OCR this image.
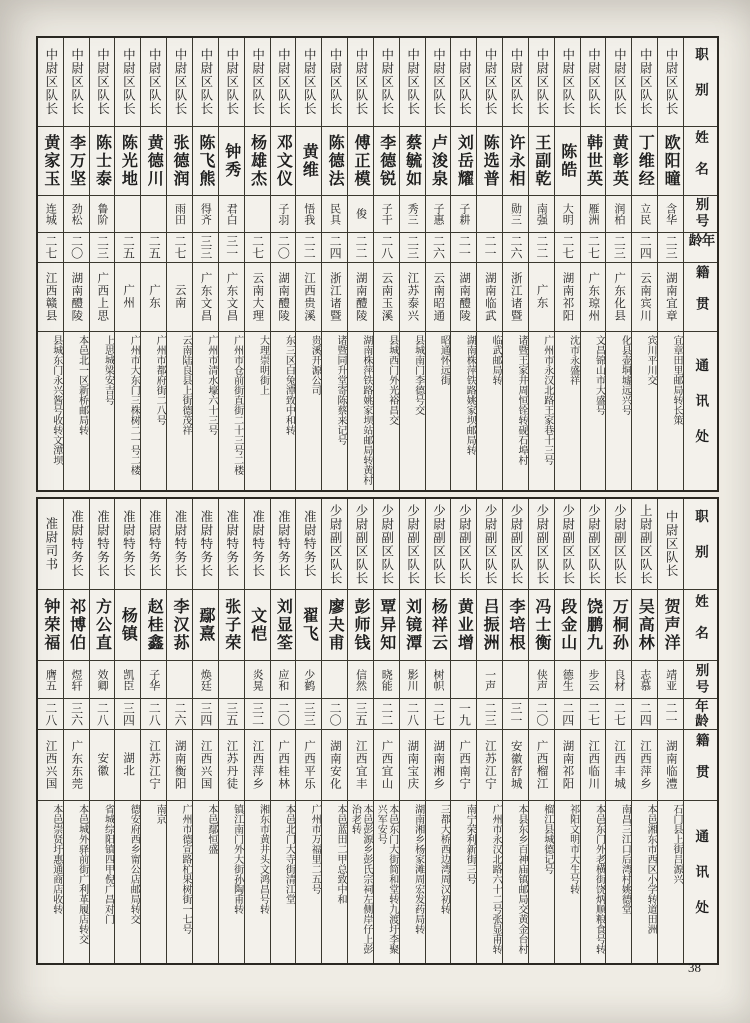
职别
姓名
别号
年龄
籍贯
通讯处
中尉区队长
欧阳曈
含华
二三
湖南宜章
宜章田里邮局转长策
中尉区队长
丁维经
立民
二四
云南宾川
宾川平川交
中尉区队长
黄彰英
润柏
二三
广东化县
化县壶垌墟远兴号
中尉区队长
韩世英
雁洲
二七
广东琼州
文昌锦山市大盛号
中尉区队长
陈皓
大明
二七
湖南祁阳
沈市永盛祥
中尉区队长
王副乾
南强
二二
广东
广州市永汉北路王家巷十三号
中尉区队长
许永相
勋三
二六
浙江诸暨
诸暨王家井周恒铨转砚石埠村
中尉区队长
陈选普
二一
湖南临武
临武邮局转
中尉区队长
刘岳耀
子耕
二一
湖南醴陵
湖南株萍铁路姚家坝邮局转
中尉区队长
卢浚泉
子惠
二六
云南昭通
昭通怀远街
中尉区队长
蔡毓如
秀三
二三
江苏泰兴
县城南门李德号交
中尉区队长
李德锐
子干
二八
云南玉溪
县城西门外光裕昌交
中尉区队长
傅正模
俊
二二
湖南醴陵
湖南株萍铁路姚家坝站邮局转黄村
中尉区队长
陈德法
民具
二四
浙江诸暨
诸暨同升堂寄陈蔡来记号
中尉区队长
黄维
悟我
二二
江西贵溪
贵溪开源公司
中尉区队长
邓文仪
子羽
二〇
湖南醴陵
东三区白兔潭致中和转
中尉区队长
杨雄杰
二七
云南大理
大理崇明街上
中尉区队长
钟秀
君白
三一
广东文昌
广州市仓前街直街二十三号二楼
中尉区队长
陈飞熊
得齐
三三
广东文昌
广州市清水壕六十三号
中尉区队长
张德润
雨田
二七
云南
云南陆良县上街德茂祥
中尉区队长
黄德川
二五
广东
广州市都府街二八号
中尉区队长
陈光地
二五
广州
广州市大东门三株树二一号二楼
中尉区队长
陈士泰
鲁阶
二三
广西上思
上思城梁安吉号
中尉区队长
李万坚
劲松
二〇
湖南醴陵
本邑北一区新桥邮局转
中尉区队长
黄家玉
连城
二七
江西赣县
县城东门永兴酱号收转文潭坝
职别
姓名
别号
年龄
籍贯
通讯处
中尉区队长
贺声洋
靖亚
二一
湖南临澧
石门县上街吕源兴
上尉副区队长
吴高林
志慕
二四
江西萍乡
本邑湘东市西区小学转道田洲
少尉副区队长
万桐孙
良材
二七
江西丰城
南昌三江口后湾村姚德堂
少尉副区队长
饶鹏九
步云
二七
江西临川
本邑东门外老横街饶炳顺粮食号转
少尉副区队长
段金山
德生
二四
湖南祁阳
祁阳文明市大生号转
少尉副区队长
冯士衡
侠声
二〇
广西榴江
榴江县城德记号
少尉副区队长
李培根
三一
安徽舒城
本县东乡百神庙镇邮局交黄金台村
少尉副区队长
吕振洲
一声
二三
江苏江宁
广州市永汉北路六十二号张显甫转
少尉副区队长
黄业增
一九
广西南宁
南宁荣利新街三号
少尉副区队长
杨祥云
树帜
二七
湖南湘乡
三都大桥西边湾周汉初转
少尉副区队长
刘镜潭
影川
二八
湖南宝庆
湖南湘乡杨家滩周宏发药局转
少尉副区队长
覃异知
晓能
二二
广西宜山
本邑东门大街简和堂转九渡圩李聚兴军安号
少尉副区队长
彭师钱
信然
三五
江西宜丰
本邑彭源乡彭氏宗祠左侧岸仔上彭治老转
少尉副区队长
廖夬甫
二〇
湖南安化
本邑蓝田二甲总致中和
准尉特务长
翟飞
少鹤
三三
广西平乐
广州市万福里二五号
准尉特务长
刘显筌
应和
二〇
广西桂林
本邑北门大寺街清江堂
准尉特务长
文恺
炎晃
三二
江西萍乡
湘东市黄井头文鸿昌号转
准尉特务长
张子荣
三五
江苏丹徒
镇江南门外大街孙陶甫转
准尉特务长
鄢熹
焕廷
三四
江西兴国
本邑鄢恒盛
准尉特务长
李汉荪
二六
湖南衡阳
广州市德宣路杧果树街一七号
准尉特务长
赵桂鑫
子华
二八
江苏江宁
南京
准尉特务长
杨镇
凯臣
三四
湖北
德安府西乡甯公店邮局转交
准尉特务长
方公直
效卿
二八
安徽
省城综阳镇四甲倪广昌对门
准尉特务长
祁博伯
煜轩
三六
广东东莞
本邑城外驿前街广利革履店转交
准尉司书
钟荣福
膺五
二八
江西兴国
本邑崇贤圩惠通商店收转
38
